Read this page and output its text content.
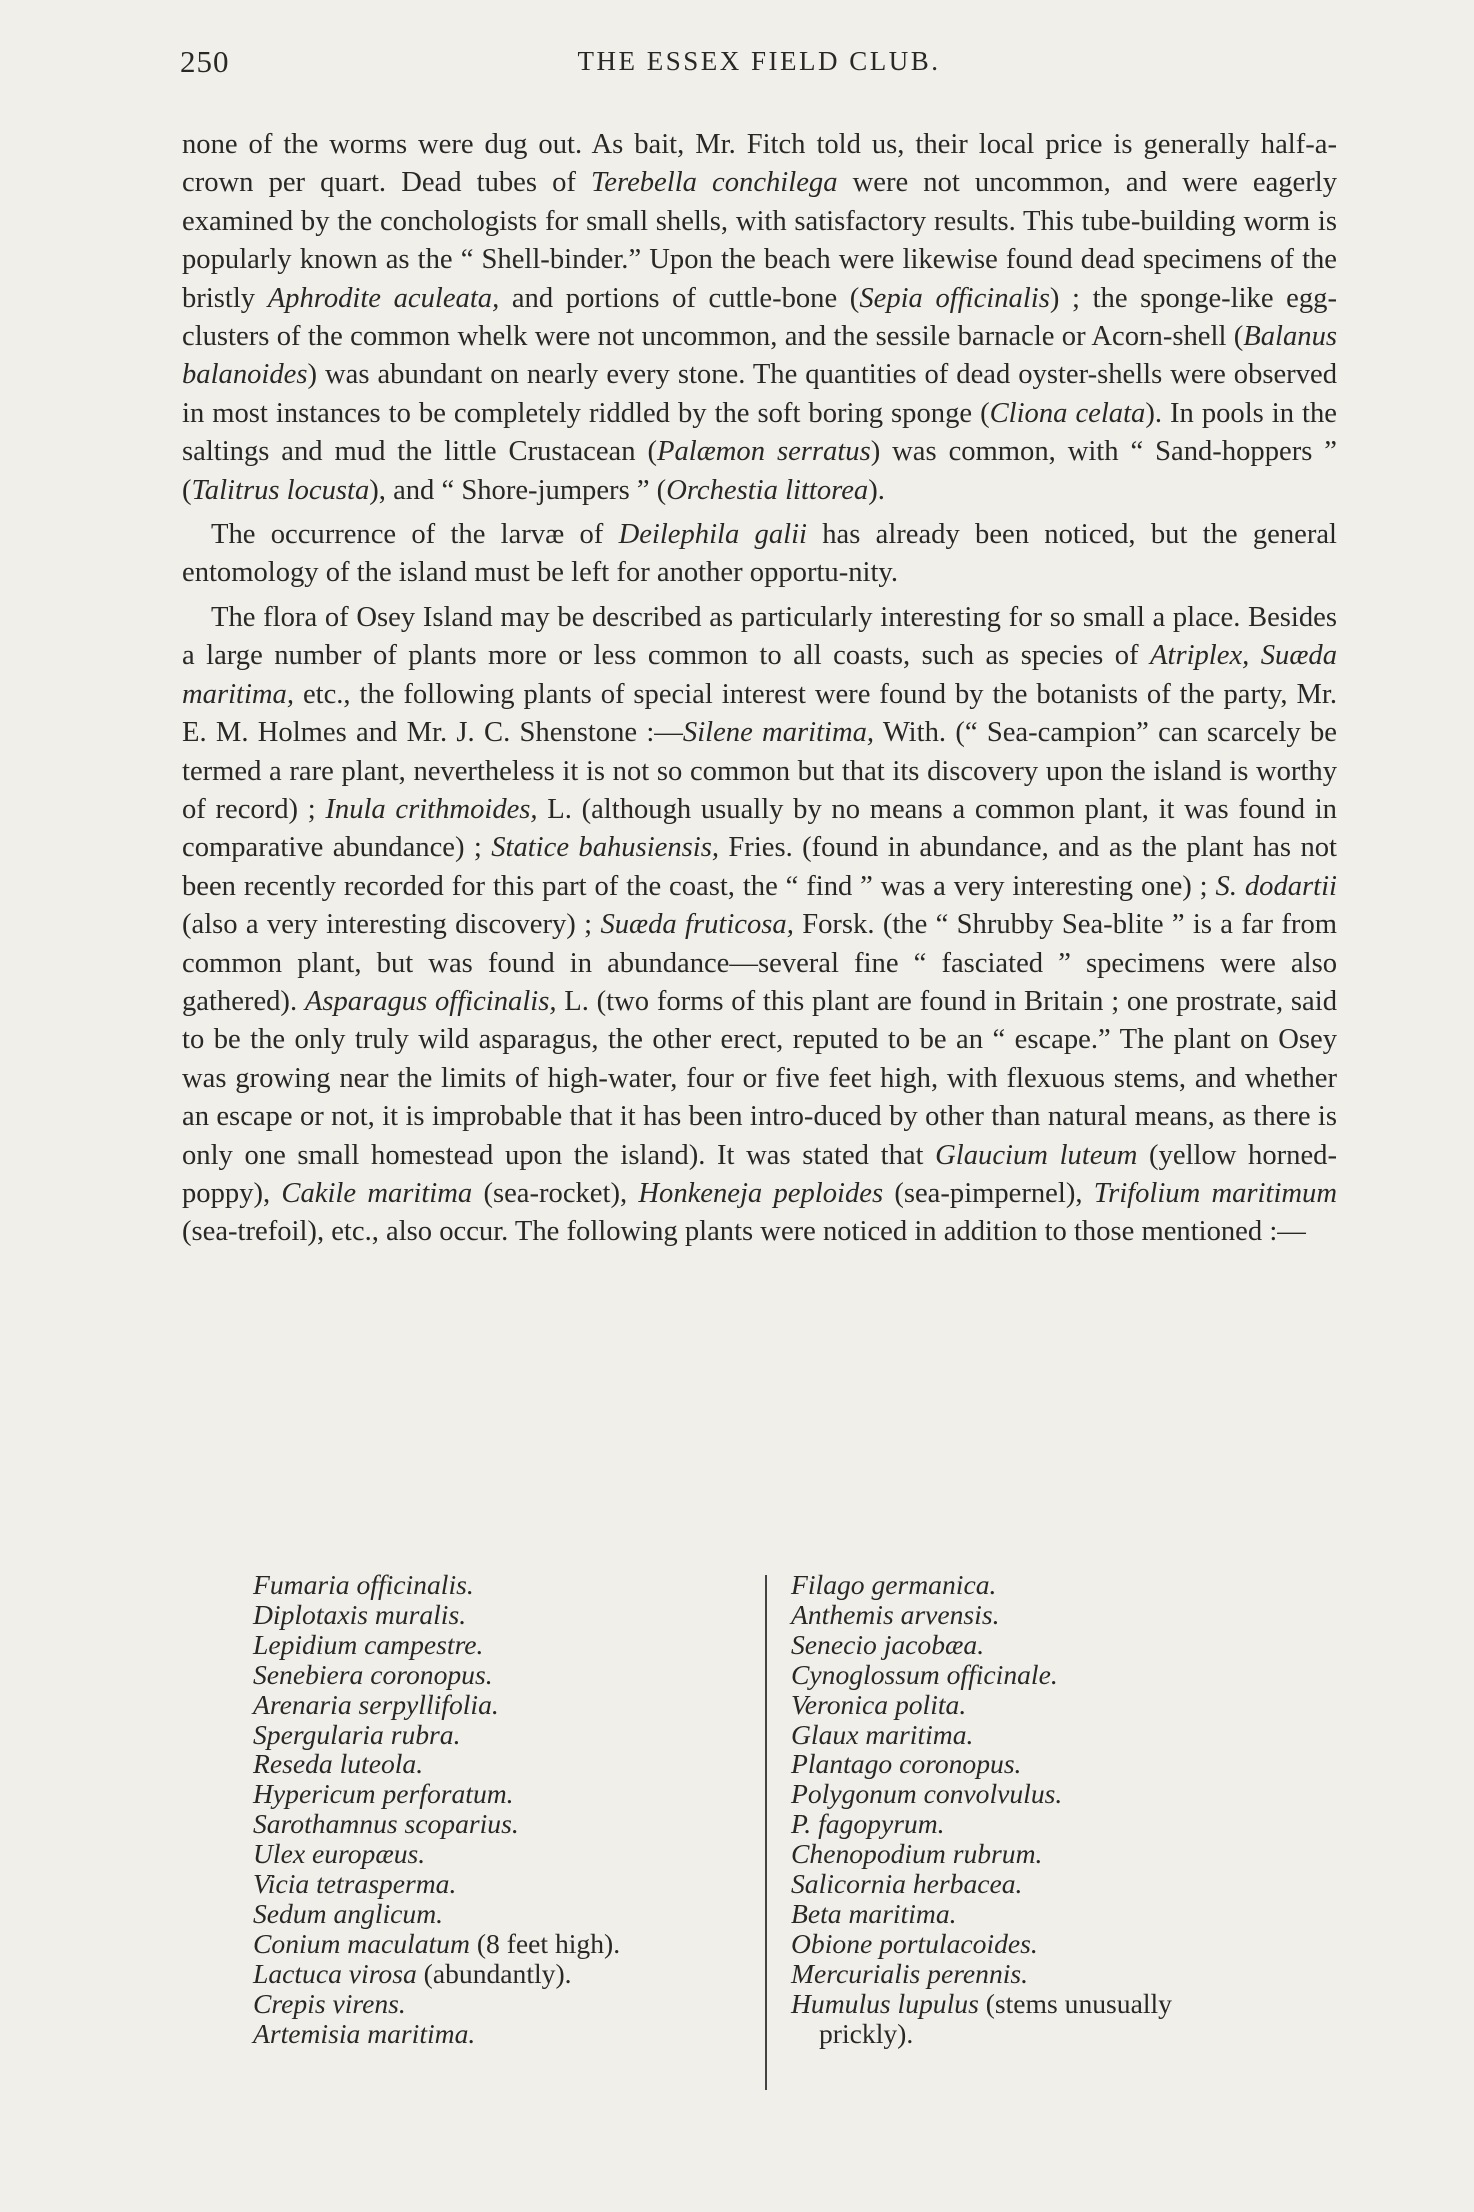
250	THE ESSEX FIELD CLUB.

none of the worms were dug out. As bait, Mr. Fitch told us, their local price is generally half-a-crown per quart. Dead tubes of Terebella conchilega were not uncommon, and were eagerly examined by the conchologists for small shells, with satisfactory results. This tube-building worm is popularly known as the “ Shell-binder.” Upon the beach were likewise found dead specimens of the bristly Aphrodite aculeata, and portions of cuttle-bone (Sepia officinalis) ; the sponge-like egg-clusters of the common whelk were not uncommon, and the sessile barnacle or Acorn-shell (Balanus balanoides) was abundant on nearly every stone. The quantities of dead oyster-shells were observed in most instances to be completely riddled by the soft boring sponge (Cliona celata). In pools in the saltings and mud the little Crustacean (Palæmon serratus) was common, with “ Sand-hoppers ” (Talitrus locusta), and “ Shore-jumpers ” (Orchestia littorea).

The occurrence of the larvæ of Deilephila galii has already been noticed, but the general entomology of the island must be left for another opportu-nity.

The flora of Osey Island may be described as particularly interesting for so small a place. Besides a large number of plants more or less common to all coasts, such as species of Atriplex, Suæda maritima, etc., the following plants of special interest were found by the botanists of the party, Mr. E. M. Holmes and Mr. J. C. Shenstone :—Silene maritima, With. (“ Sea-campion” can scarcely be termed a rare plant, nevertheless it is not so common but that its discovery upon the island is worthy of record) ; Inula crithmoides, L. (although usually by no means a common plant, it was found in comparative abundance) ; Statice bahusiensis, Fries. (found in abundance, and as the plant has not been recently recorded for this part of the coast, the “ find ” was a very interesting one) ; S. dodartii (also a very interesting discovery) ; Suæda fruticosa, Forsk. (the “ Shrubby Sea-blite ” is a far from common plant, but was found in abundance—several fine “ fasciated ” specimens were also gathered). Asparagus officinalis, L. (two forms of this plant are found in Britain ; one prostrate, said to be the only truly wild asparagus, the other erect, reputed to be an “ escape.” The plant on Osey was growing near the limits of high-water, four or five feet high, with flexuous stems, and whether an escape or not, it is improbable that it has been intro-duced by other than natural means, as there is only one small homestead upon the island). It was stated that Glaucium luteum (yellow horned-poppy), Cakile maritima (sea-rocket), Honkeneja peploides (sea-pimpernel), Trifolium maritimum (sea-trefoil), etc., also occur. The following plants were noticed in addition to those mentioned :—

Fumaria officinalis.
Diplotaxis muralis.
Lepidium campestre.
Senebiera coronopus.
Arenaria serpyllifolia.
Spergularia rubra.
Reseda luteola.
Hypericum perforatum.
Sarothamnus scoparius.
Ulex europæus.
Vicia tetrasperma.
Sedum anglicum.
Conium maculatum (8 feet high).
Lactuca virosa (abundantly).
Crepis virens.
Artemisia maritima.
Filago germanica.
Anthemis arvensis.
Senecio jacobæa.
Cynoglossum officinale.
Veronica polita.
Glaux maritima.
Plantago coronopus.
Polygonum convolvulus.
P. fagopyrum.
Chenopodium rubrum.
Salicornia herbacea.
Beta maritima.
Obione portulacoides.
Mercurialis perennis.
Humulus lupulus (stems unusually
prickly).
